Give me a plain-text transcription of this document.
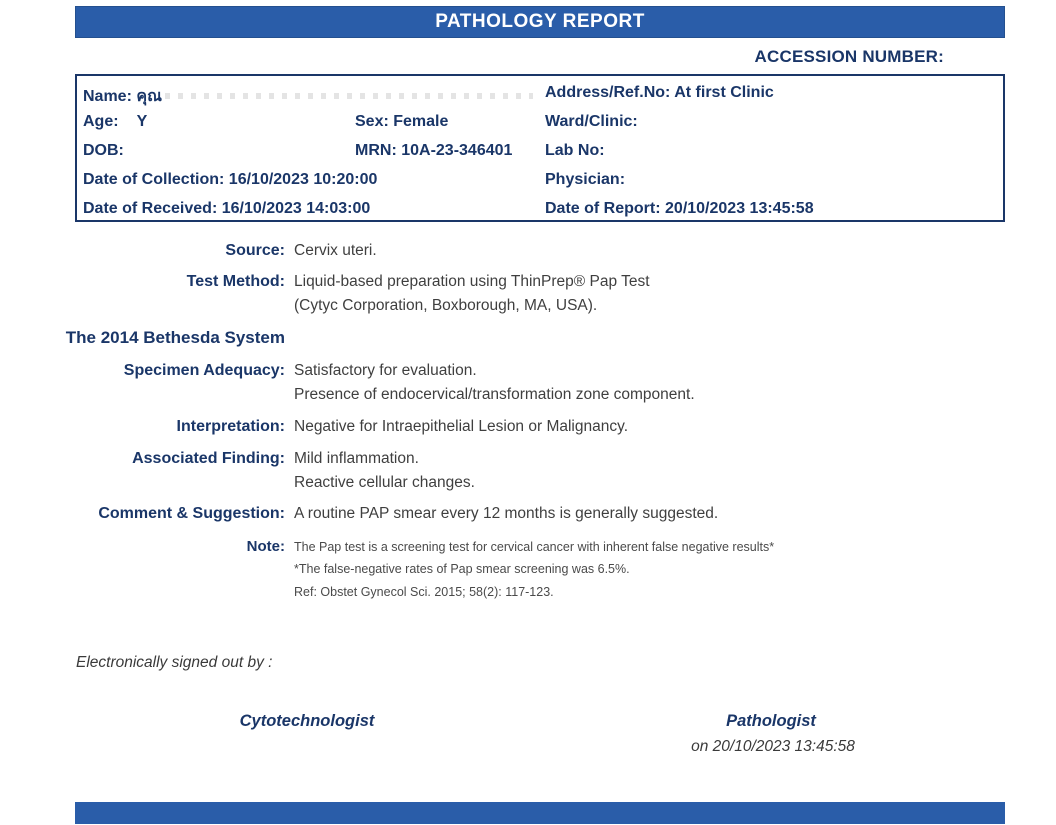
PATHOLOGY REPORT
ACCESSION NUMBER:
Name: คุณ	Address/Ref.No: At first Clinic
Age: Y	Sex: Female	Ward/Clinic:
DOB:	MRN: 10A-23-346401 Lab No:
Date of Collection: 16/10/2023 10:20:00	Physician:
Date of Received: 16/10/2023 14:03:00	Date of Report: 20/10/2023 13:45:58
Source: Cervix uteri.
Test Method: Liquid-based preparation using ThinPrep® Pap Test
(Cytyc Corporation, Boxborough, MA, USA).
The 2014 Bethesda System
Specimen Adequacy: Satisfactory for evaluation.
Presence of endocervical/transformation zone component.
Interpretation: Negative for Intraepithelial Lesion or Malignancy.
Associated Finding: Mild inflammation.
Reactive cellular changes.
Comment & Suggestion: A routine PAP smear every 12 months is generally suggested.
Note: The Pap test is a screening test for cervical cancer with inherent false negative results*
*The false-negative rates of Pap smear screening was 6.5%.
Ref: Obstet Gynecol Sci. 2015; 58(2): 117-123.
Electronically signed out by :
Cytotechnologist	Pathologist
on 20/10/2023 13:45:58
